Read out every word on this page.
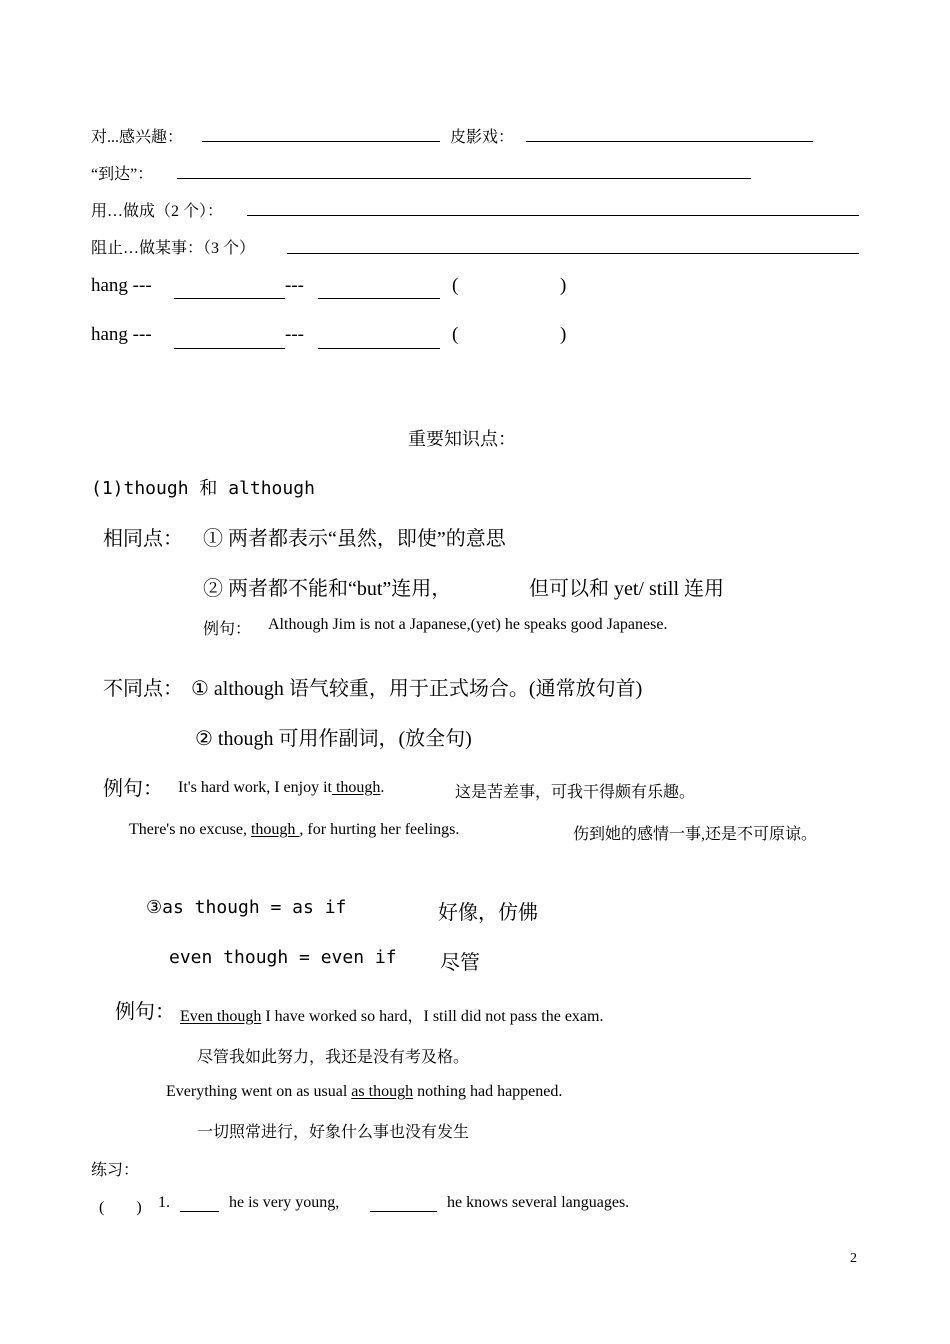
对...感兴趣：	皮影戏：
“到达”：
用…做成（2 个）：
阻止…做某事：（3 个）
hang ---	---	(	)
hang ---	---	(	)
重要知识点：
(1)though 和 although
相同点： ① 两者都表示“虽然，即使”的意思
② 两者都不能和“but”连用，	但可以和 yet/ still 连用
例句： Although Jim is not a Japanese,(yet) he speaks good Japanese.
不同点： ① although 语气较重，用于正式场合。(通常放句首)
② though 可用作副词，(放全句)
例句： It's hard work, I enjoy it though.	这是苦差事，可我干得颇有乐趣。
There's no excuse, though , for hurting her feelings.	伤到她的感情一事,还是不可原谅。
③as though = as if	好像，仿佛
even though = even if 尽管
例句： Even though I have worked so hard，I still did not pass the exam.
尽管我如此努力，我还是没有考及格。
Everything went on as usual as though nothing had happened.
一切照常进行，好象什么事也没有发生
练习：
(　　) 1.	he is very young,	he knows several languages.
2
